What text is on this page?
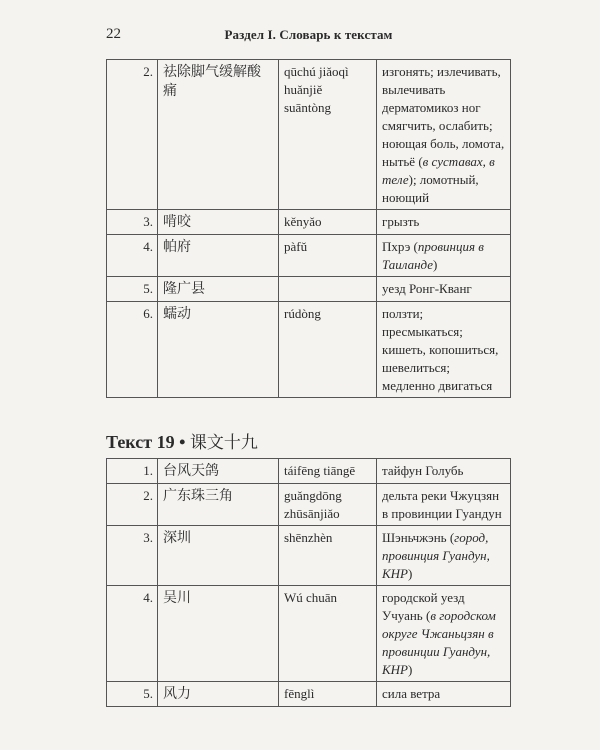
22	Раздел I. Словарь к текстам
2.	祛除脚气缓解酸痛	qūchú jiǎoqì huǎnjiě suāntòng	изгонять; излечивать, вылечивать дерматомикоз ног смягчить, ослабить; ноющая боль, ломота, нытьё (в суставах, в теле); ломотный, ноющий
3.	啃咬	kěnyǎo	грызть
4.	帕府	pàfǔ	Пхрэ (провинция в Таиланде)
5.	隆广县		уезд Ронг-Кванг
6.	蠕动	rúdòng	ползти; пресмыкаться; кишеть, копошиться, шевелиться; медленно двигаться
Текст 19 • 课文十九
1.	台风天鸽	táifēng tiāngē	тайфун Голубь
2.	广东珠三角	guǎngdōng zhūsānjiǎo	дельта реки Чжуцзян в провинции Гуандун
3.	深圳	shēnzhèn	Шэньчжэнь (город, провинция Гуандун, КНР)
4.	吴川	Wú chuān	городской уезд Учуань (в городском округе Чжаньцзян в провинции Гуандун, КНР)
5.	风力	fēnglì	сила ветра
